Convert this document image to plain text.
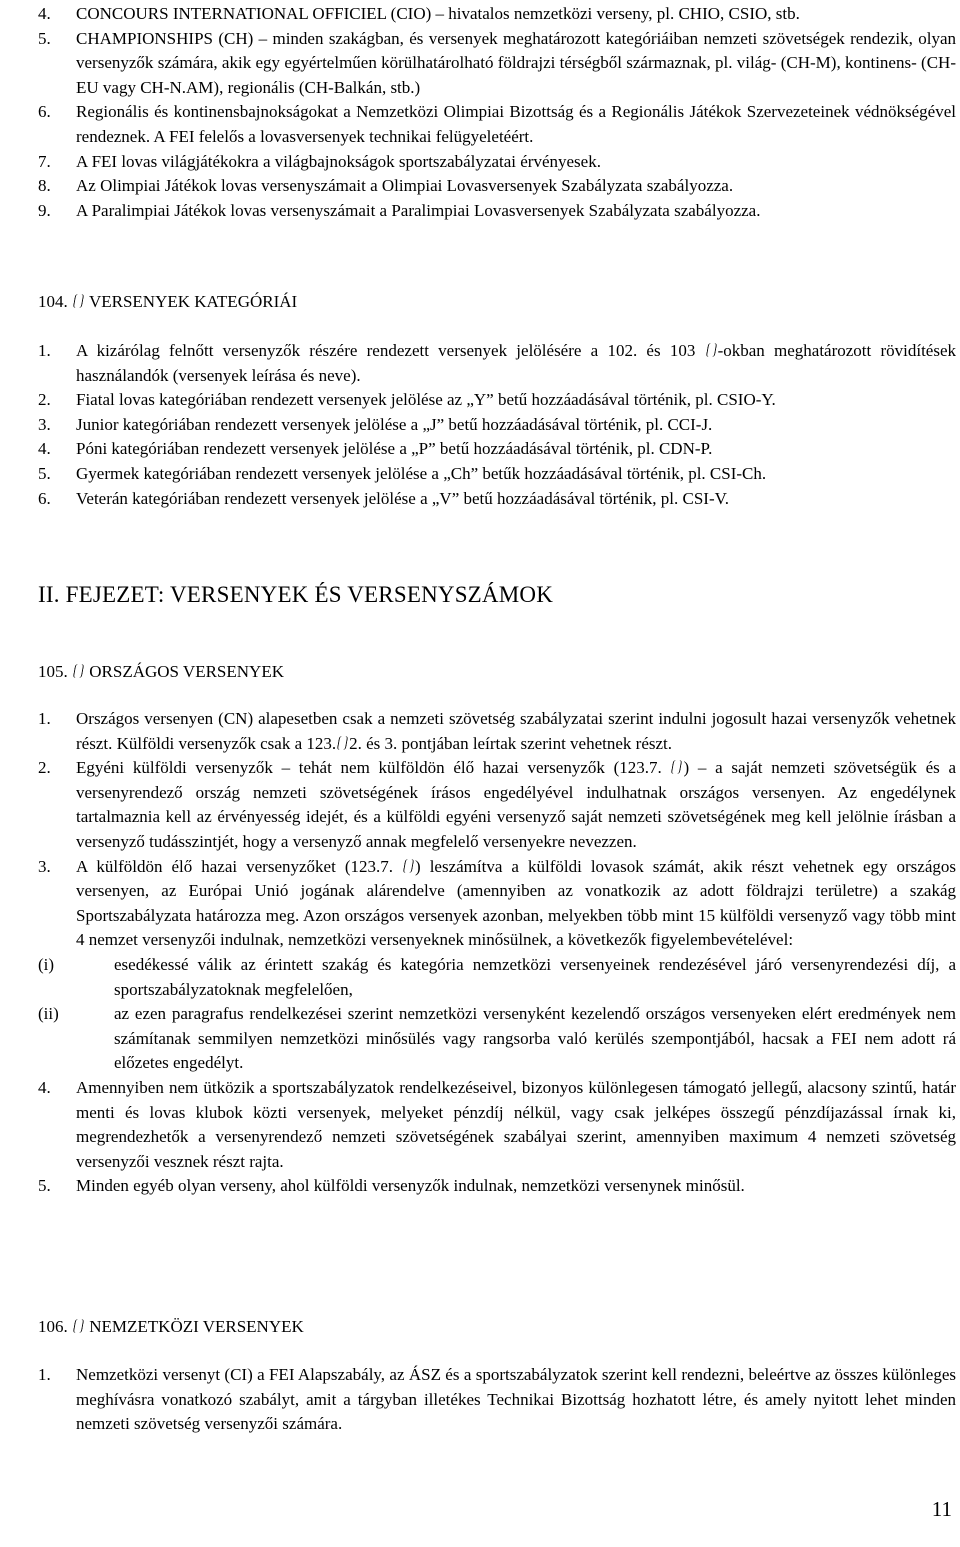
4. CONCOURS INTERNATIONAL OFFICIEL (CIO) – hivatalos nemzetközi verseny, pl. CHIO, CSIO, stb.
5. CHAMPIONSHIPS (CH) – minden szakágban, és versenyek meghatározott kategóriáiban nemzeti szövetségek rendezik, olyan versenyzők számára, akik egy egyértelműen körülhatárolható földrajzi térségből származnak, pl. világ- (CH-M), kontinens- (CH-EU vagy CH-N.AM), regionális (CH-Balkán, stb.)
6. Regionális és kontinensbajnokságokat a Nemzetközi Olimpiai Bizottság és a Regionális Játékok Szervezeteinek védnökségével rendeznek. A FEI felelős a lovasversenyek technikai felügyeletéért.
7. A FEI lovas világjátékokra a világbajnokságok sportszabályzatai érvényesek.
8. Az Olimpiai Játékok lovas versenyszámait a Olimpiai Lovasversenyek Szabályzata szabályozza.
9. A Paralimpiai Játékok lovas versenyszámait a Paralimpiai Lovasversenyek Szabályzata szabályozza.
104. VERSENYEK KATEGÓRIÁI
1. A kizárólag felnőtt versenyzők részére rendezett versenyek jelölésére a 102. és 103 -okban meghatározott rövidítések használandók (versenyek leírása és neve).
2. Fiatal lovas kategóriában rendezett versenyek jelölése az „Y” betű hozzáadásával történik, pl. CSIO-Y.
3. Junior kategóriában rendezett versenyek jelölése a „J” betű hozzáadásával történik, pl. CCI-J.
4. Póni kategóriában rendezett versenyek jelölése a „P” betű hozzáadásával történik, pl. CDN-P.
5. Gyermek kategóriában rendezett versenyek jelölése a „Ch” betűk hozzáadásával történik, pl. CSI-Ch.
6. Veterán kategóriában rendezett versenyek jelölése a „V” betű hozzáadásával történik, pl. CSI-V.
II. FEJEZET: VERSENYEK ÉS VERSENYSZÁMOK
105. ORSZÁGOS VERSENYEK
1. Országos versenyen (CN) alapesetben csak a nemzeti szövetség szabályzatai szerint indulni jogosult hazai versenyzők vehetnek részt. Külföldi versenyzők csak a 123. 2. és 3. pontjában leírtak szerint vehetnek részt.
2. Egyéni külföldi versenyzők – tehát nem külföldön élő hazai versenyzők (123.7. ) – a saját nemzeti szövetségük és a versenyrendező ország nemzeti szövetségének írásos engedélyével indulhatnak országos versenyen. Az engedélynek tartalmaznia kell az érvényesség idejét, és a külföldi egyéni versenyző saját nemzeti szövetségének meg kell jelölnie írásban a versenyző tudásszintjét, hogy a versenyző annak megfelelő versenyekre nevezzen.
3. A külföldön élő hazai versenyzőket (123.7. ) leszámítva a külföldi lovasok számát, akik részt vehetnek egy országos versenyen, az Európai Unió jogának alárendelve (amennyiben az vonatkozik az adott földrajzi területre) a szakág Sportszabályzata határozza meg. Azon országos versenyek azonban, melyekben több mint 15 külföldi versenyző vagy több mint 4 nemzet versenyzői indulnak, nemzetközi versenyeknek minősülnek, a következők figyelembevételével:
(i)	esedékessé válik az érintett szakág és kategória nemzetközi versenyeinek rendezésével járó versenyrendezési díj, a sportszabályzatoknak megfelelően,
(ii)	az ezen paragrafus rendelkezései szerint nemzetközi versenyként kezelendő országos versenyeken elért eredmények nem számítanak semmilyen nemzetközi minősülés vagy rangsorba való kerülés szempontjából, hacsak a FEI nem adott rá előzetes engedélyt.
4. Amennyiben nem ütközik a sportszabályzatok rendelkezéseivel, bizonyos különlegesen támogató jellegű, alacsony szintű, határ menti és lovas klubok közti versenyek, melyeket pénzdíj nélkül, vagy csak jelképes összegű pénzdíjazással írnak ki, megrendezhetők a versenyrendező nemzeti szövetségének szabályai szerint, amennyiben maximum 4 nemzeti szövetség versenyzői vesznek részt rajta.
5. Minden egyéb olyan verseny, ahol külföldi versenyzők indulnak, nemzetközi versenynek minősül.
106. NEMZETKÖZI VERSENYEK
1. Nemzetközi versenyt (CI) a FEI Alapszabály, az ÁSZ és a sportszabályzatok szerint kell rendezni, beleértve az összes különleges meghívásra vonatkozó szabályt, amit a tárgyban illetékes Technikai Bizottság hozhatott létre, és amely nyitott lehet minden nemzeti szövetség versenyzői számára.
11
